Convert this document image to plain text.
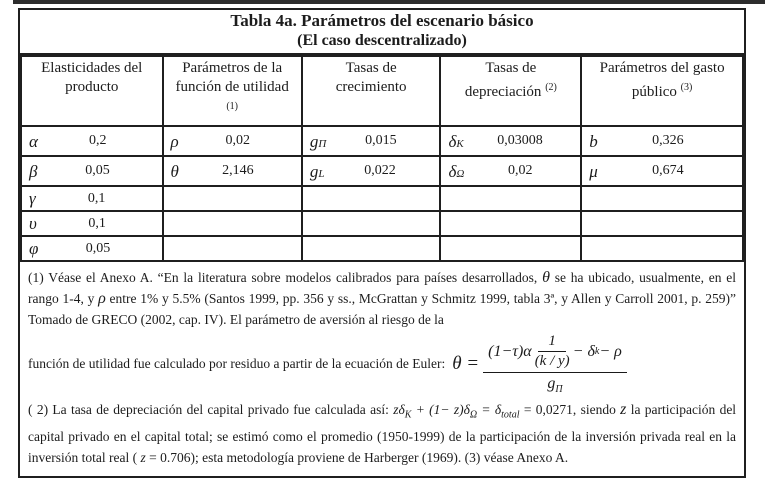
Tabla 4a. Parámetros del escenario básico
(El caso descentralizado)
Elasticidades del producto	Parámetros de la función de utilidad $^{(1)}$	Tasas de crecimiento	Tasas de depreciación $^{(2)}$	Parámetros del gasto público $^{(3)}$

α 0,2	ρ 0,02	g Π 0,015	δ K 0,03008	b 0,326

β 0,05	θ 2,146	g L 0,022	δ Ω 0,02	μ 0,674

γ 0,1				

υ 0,1				

φ 0,05				

(1) Véase el Anexo A. “En la literatura sobre modelos calibrados para países desarrollados, θ se ha ubicado, usualmente, en el rango 1-4, y ρ entre 1% y 5.5% (Santos 1999, pp. 356 y ss., McGrattan y Schmitz 1999, tabla 3ª, y Allen y Carroll 2001, p. 259)” Tomado de GRECO (2002, cap. IV). El parámetro de aversión al riesgo de la
función de utilidad fue calculado por residuo a partir de la ecuación de Euler: θ =
$(1-\tau)\alpha \frac{1}{(k / y)} - \delta$ k − ρ
$g_\Pi$
( 2) La tasa de depreciación del capital privado fue calculada así: $z\delta_K + (1- z)\delta_\Omega = \delta_{total} = 0,0271$, siendo z la participación del capital privado en el capital total; se estimó como el promedio (1950-1999) de la participación de la inversión privada real en la inversión total real ( z = 0.706); esta metodología proviene de Harberger (1969). (3) véase Anexo A.
